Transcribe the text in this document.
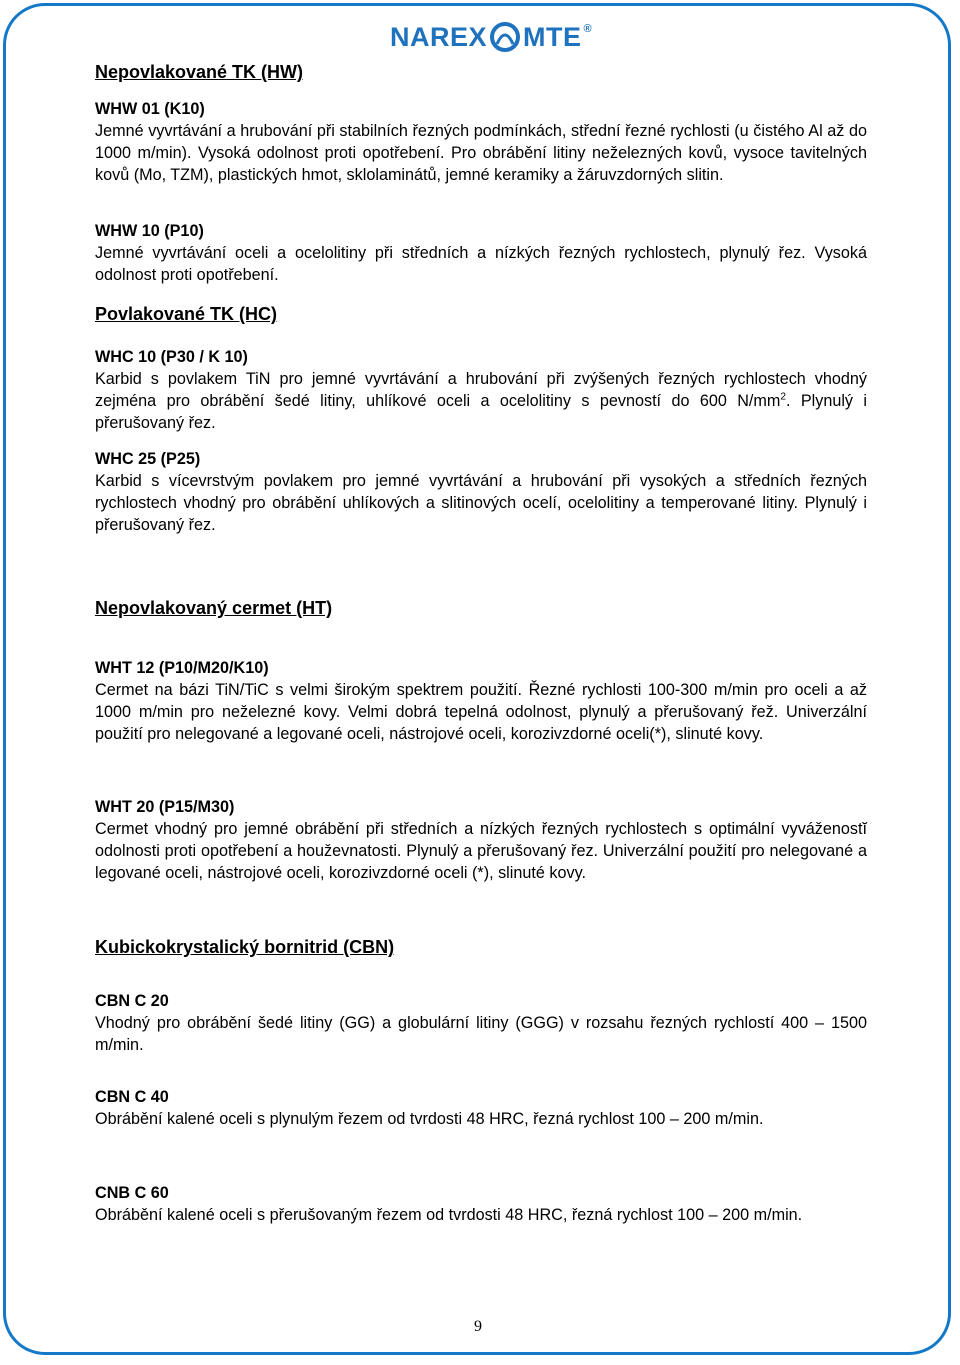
NAREX MTE ®
Nepovlakované TK (HW)
WHW 01 (K10)

Jemné vyvrtávání a hrubování při stabilních řezných podmínkách, střední řezné rychlosti (u čistého Al až do 1000 m/min). Vysoká odolnost proti opotřebení. Pro obrábění litiny neželezných kovů, vysoce tavitelných kovů (Mo, TZM), plastických hmot, sklolaminátů, jemné keramiky a žáruvzdorných slitin.

WHW 10 (P10)

Jemné vyvrtávání oceli a ocelolitiny při středních a nízkých řezných rychlostech, plynulý řez. Vysoká odolnost proti opotřebení.

Povlakované TK (HC)
WHC 10 (P30 / K 10)

Karbid s povlakem TiN pro jemné vyvrtávání a hrubování při zvýšených řezných rychlostech vhodný zejména pro obrábění šedé litiny, uhlíkové oceli a ocelolitiny s pevností do 600 $N/mm^2$. Plynulý i přerušovaný řez.

WHC 25 (P25)

Karbid s vícevrstvým povlakem pro jemné vyvrtávání a hrubování při vysokých a středních řezných rychlostech vhodný pro obrábění uhlíkových a slitinových ocelí, ocelolitiny a temperované litiny. Plynulý i přerušovaný řez.

Nepovlakovaný cermet (HT)
WHT 12 (P10/M20/K10)

Cermet na bázi TiN/TiC s velmi širokým spektrem použití. Řezné rychlosti 100-300 m/min pro oceli a až 1000 m/min pro neželezné kovy. Velmi dobrá tepelná odolnost, plynulý a přerušovaný řež. Univerzální použití pro nelegované a legované oceli, nástrojové oceli, korozivzdorné oceli(*), slinuté kovy.

WHT 20 (P15/M30)

Cermet vhodný pro jemné obrábění při středních a nízkých řezných rychlostech s optimální vyváženostĭ odolnosti proti opotřebení a houževnatosti. Plynulý a přerušovaný řez. Univerzální použití pro nelegované a legované oceli, nástrojové oceli, korozivzdorné oceli (*), slinuté kovy.

Kubickokrystalický bornitrid (CBN)
CBN C 20

Vhodný pro obrábění šedé litiny (GG) a globulární litiny (GGG) v rozsahu řezných rychlostí 400 – 1500 m/min.

CBN C 40

Obrábění kalené oceli s plynulým řezem od tvrdosti 48 HRC, řezná rychlost 100 – 200 m/min.

CNB C 60

Obrábění kalené oceli s přerušovaným řezem od tvrdosti 48 HRC, řezná rychlost 100 – 200 m/min.

9
